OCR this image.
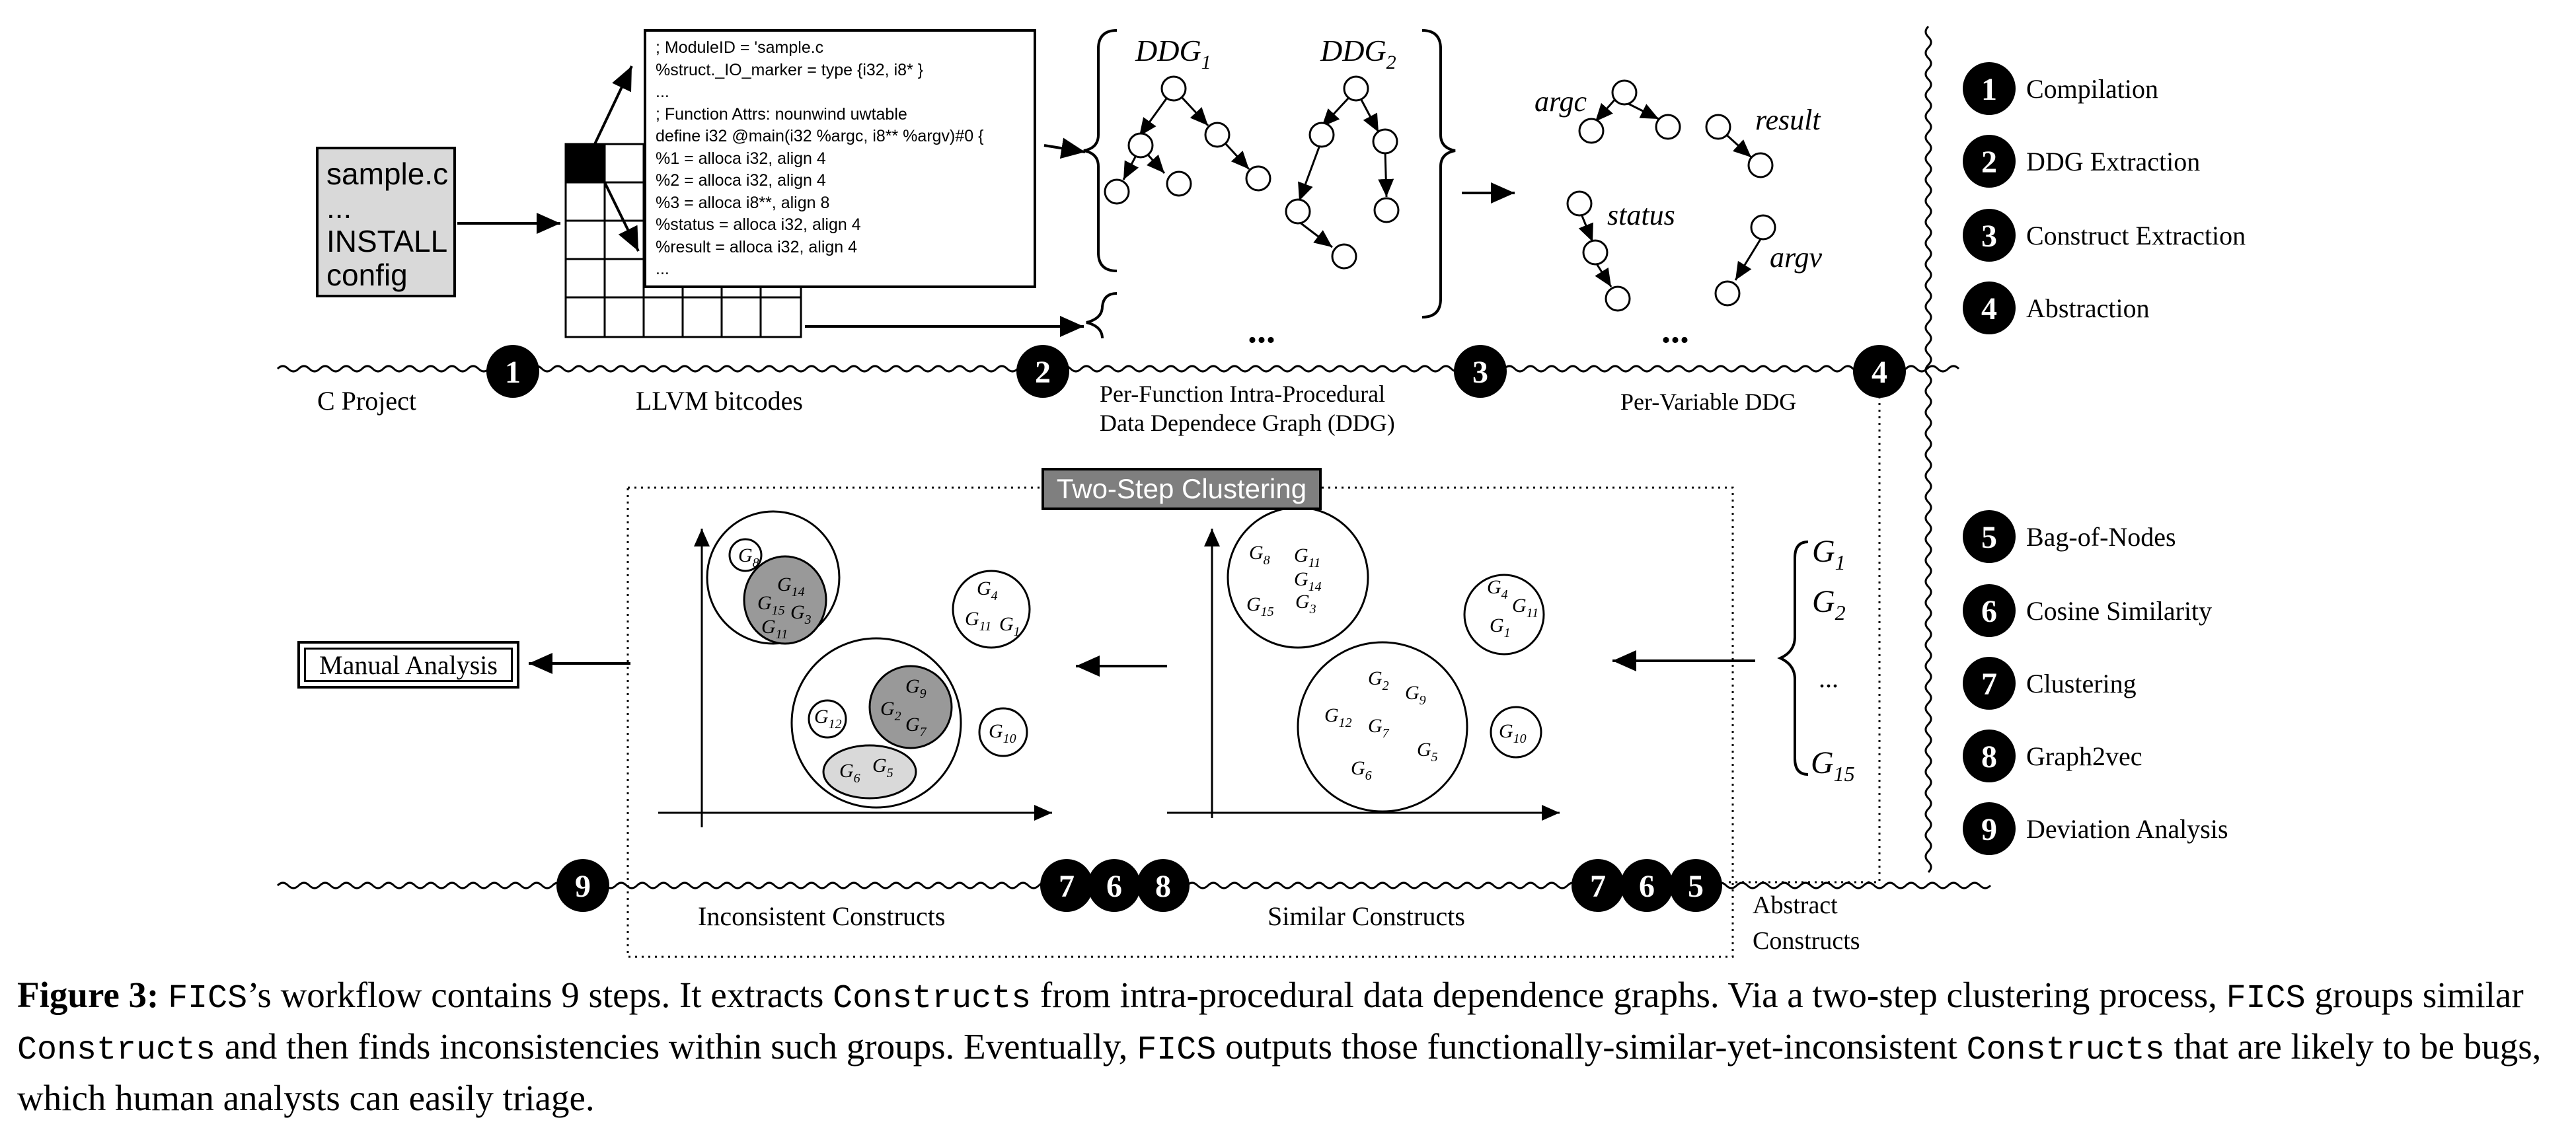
1	2	3	4
9	7 6 8	7 6 5
$G_8$
$G_{14}$
$G_{15}$ $G_3$
$G_{11}$
$G_4$
$G_{11}$ $G_1$
$G_{12}$
$G_9$
$G_2$ $G_7$	$G_{10}$
$G_6$
$G_5$
$G_8$ $G_{11}$
$G_{14}$
$G_{15}$ $G_3$
$G_4$ $G_{11}$
$G_1$
$G_2$ $G_9$
$G_{12}$ $G_7$
$G_5$
$G_6$
$G_{10}$
$DDG_1$	$DDG_2$
...
argc
result
status
argv
...
$G_1$
$G_2$
$G_{15}$
...
1
2
3
4
5
6
7
8
9
Compilation
DDG Extraction
Construct Extraction
Abstraction
Bag-of-Nodes
Cosine Similarity
Clustering
Graph2vec
Deviation Analysis
C Project	LLVM bitcodes	Per-Function Intra-Procedural
Data Dependece Graph (DDG)
Per-Variable DDG
Inconsistent Constructs	Similar Constructs	Abstract
Constructs
sample.c
...
INSTALL
config
; ModuleID = 'sample.c
%struct._IO_marker = type {i32, i8* }
...
; Function Attrs: nounwind uwtable
define i32 @main(i32 %argc, i8** %argv)#0 {
%1 = alloca i32, align 4
%2 = alloca i32, align 4
%3 = alloca i8**, align 8
%status = alloca i32, align 4
%result = alloca i32, align 4
...
Two-Step Clustering
Manual Analysis
Figure 3: FICS’s workflow contains 9 steps. It extracts Constructs from intra-procedural data dependence graphs. Via a two-step clustering process, FICS groups similar Constructs and then finds inconsistencies within such groups. Eventually, FICS outputs those functionally-similar-yet-inconsistent Constructs that are likely to be bugs, which human analysts can easily triage.
